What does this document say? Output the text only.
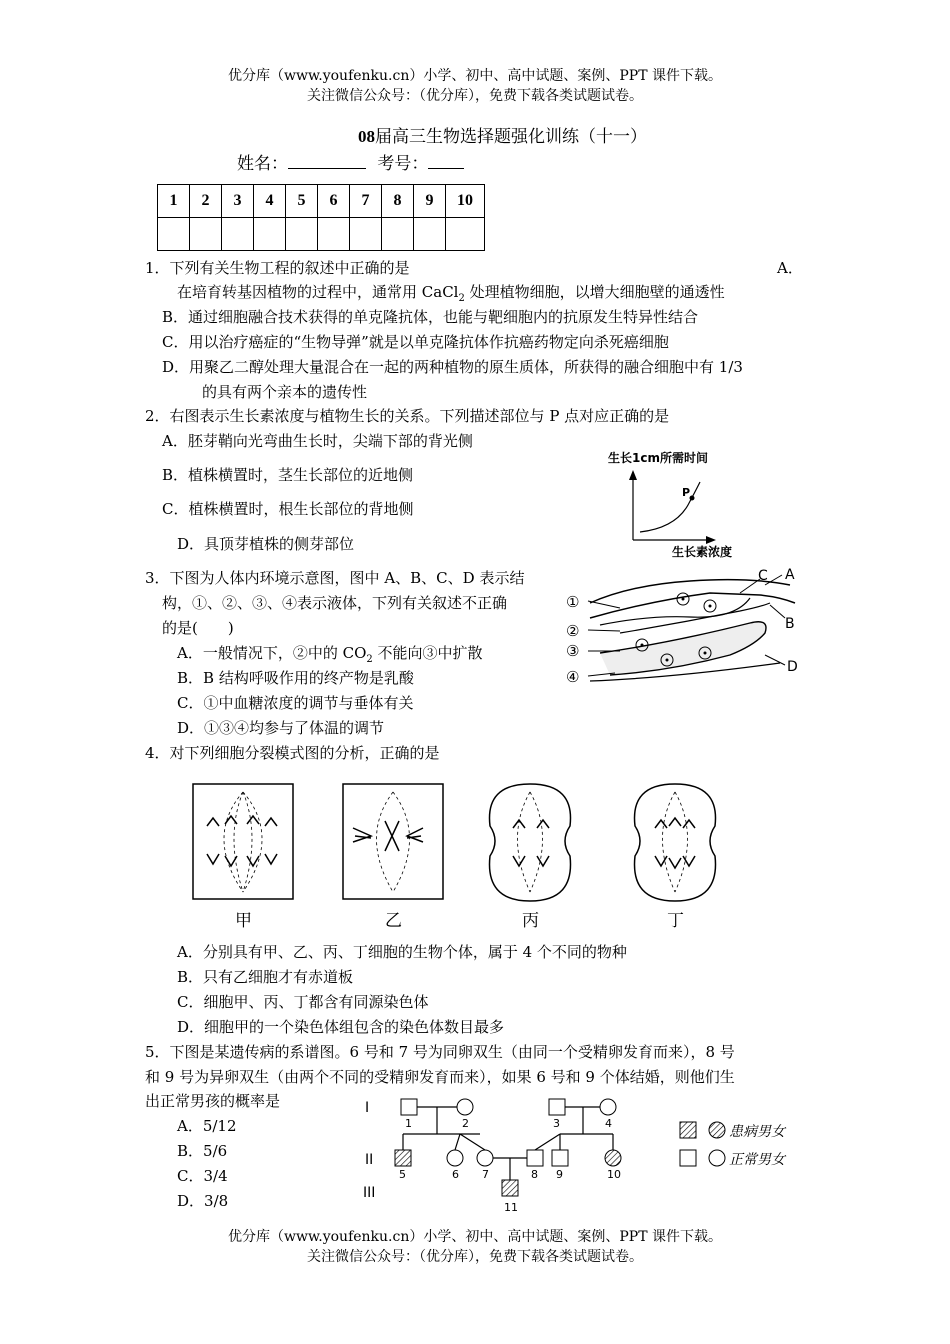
优分库（www.youfenku.cn）小学、初中、高中试题、案例、PPT 课件下载。
关注微信公众号：（优分库），免费下载各类试题试卷。
08届高三生物选择题强化训练（十一）
姓名：	考号：
1	2	3	4	5	6	7	8	9	10

1．下列有关生物工程的叙述中正确的是	A．
在培育转基因植物的过程中，通常用 CaCl$_2$ 处理植物细胞，以增大细胞壁的通透性
B．通过细胞融合技术获得的单克隆抗体，也能与靶细胞内的抗原发生特异性结合
C．用以治疗癌症的“生物导弹”就是以单克隆抗体作抗癌药物定向杀死癌细胞
D．用聚乙二醇处理大量混合在一起的两种植物的原生质体，所获得的融合细胞中有 1/3
的具有两个亲本的遗传性
2．右图表示生长素浓度与植物生长的关系。下列描述部位与 P 点对应正确的是
A．胚芽鞘向光弯曲生长时，尖端下部的背光侧
B．植株横置时，茎生长部位的近地侧
C．植株横置时，根生长部位的背地侧
D．具顶芽植株的侧芽部位
生长1cm所需时间
P
生长素浓度
3．下图为人体内环境示意图，图中 A、B、C、D 表示结
构，①、②、③、④表示液体，下列有关叙述不正确
的是(　　)
A．一般情况下，②中的 $CO_2$ 不能向③中扩散
B．B 结构呼吸作用的终产物是乳酸
C．①中血糖浓度的调节与垂体有关
D．①③④均参与了体温的调节
①
②
③
④
C A
B
D
4．对下列细胞分裂模式图的分析，正确的是
甲	乙	丙	丁
A．分别具有甲、乙、丙、丁细胞的生物个体，属于 4 个不同的物种
B．只有乙细胞才有赤道板
C．细胞甲、丙、丁都含有同源染色体
D．细胞甲的一个染色体组包含的染色体数目最多
5．下图是某遗传病的系谱图。6 号和 7 号为同卵双生（由同一个受精卵发育而来），8 号
和 9 号为异卵双生（由两个不同的受精卵发育而来），如果 6 号和 9 个体结婚，则他们生
出正常男孩的概率是
A．5/12
B．5/6
C．3/4
D．3/8
I
II
III
1	2	3	4
5	6 7	8 9	10
11
患病男女
正常男女
优分库（www.youfenku.cn）小学、初中、高中试题、案例、PPT 课件下载。
关注微信公众号：（优分库），免费下载各类试题试卷。
